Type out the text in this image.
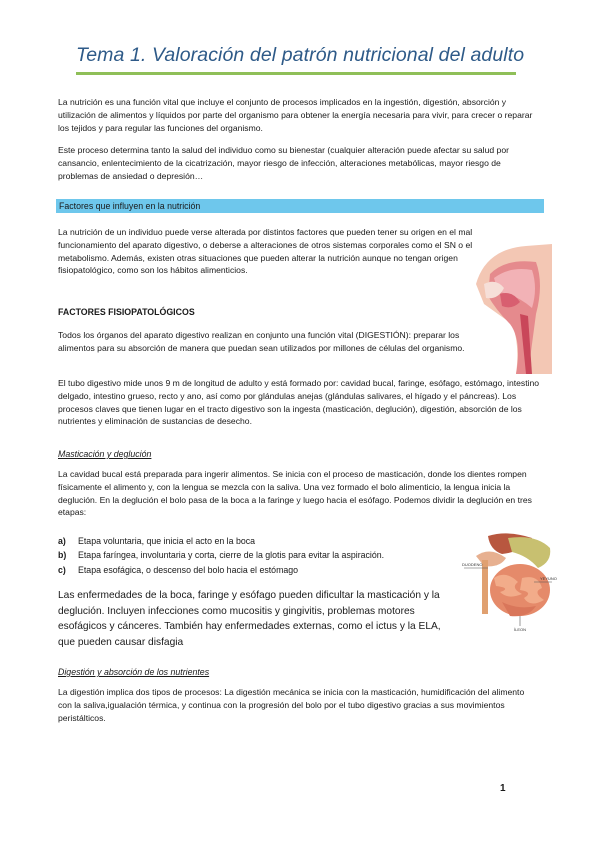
Tema 1. Valoración del patrón nutricional del adulto

La nutrición es una función vital que incluye el conjunto de procesos implicados en la ingestión, digestión, absorción y utilización de alimentos y líquidos por parte del organismo para obtener la energía necesaria para vivir, para crecer o reparar los tejidos y para regular las funciones del organismo.

Este proceso determina tanto la salud del individuo como su bienestar (cualquier alteración puede afectar su salud por cansancio, enlentecimiento de la cicatrización, mayor riesgo de infección, alteraciones metabólicas, mayor riesgo de problemas de ansiedad o depresión…

Factores que influyen en la nutrición

La nutrición de un individuo puede verse alterada por distintos factores que pueden tener su origen en el mal funcionamiento del aparato digestivo, o deberse a alteraciones de otros sistemas corporales como el SN o el metabolismo. Además, existen otras situaciones que pueden alterar la nutrición aunque no tengan origen fisiopatológico, como son los hábitos alimenticios.

FACTORES FISIOPATOLÓGICOS

Todos los órganos del aparato digestivo realizan en conjunto una función vital (DIGESTIÓN): preparar los alimentos para su absorción de manera que puedan sean utilizados por millones de células del organismo.

El tubo digestivo mide unos 9 m de longitud de adulto y está formado por: cavidad bucal, faringe, esófago, estómago, intestino delgado, intestino grueso, recto y ano, así como por glándulas anejas (glándulas salivares, el hígado y el páncreas). Los procesos claves que tienen lugar en el tracto digestivo son la ingesta (masticación, deglución), digestión, absorción de los nutrientes y eliminación de sustancias de desecho.

Masticación y deglución

La cavidad bucal está preparada para ingerir alimentos. Se inicia con el proceso de masticación, donde los dientes rompen físicamente el alimento y, con la lengua se mezcla con la saliva. Una vez formado el bolo alimenticio, la lengua inicia la deglución. En la deglución el bolo pasa de la boca a la faringe y luego hacia el esófago. Podemos dividir la deglución en tres etapas:

a) Etapa voluntaria, que inicia el acto en la boca
b) Etapa faríngea, involuntaria y corta, cierre de la glotis para evitar la aspiración.
c) Etapa esofágica, o descenso del bolo hacia el estómago
DUODENO
YEYUNO
ÍLEON

Las enfermedades de la boca, faringe y esófago pueden dificultar la masticación y la deglución. Incluyen infecciones como mucositis y gingivitis, problemas motores esofágicos y cánceres. También hay enfermedades externas, como el ictus y la ELA, que pueden causar disfagia

Digestión y absorción de los nutrientes

La digestión implica dos tipos de procesos: La digestión mecánica se inicia con la masticación, humidificación del alimento con la saliva,igualación térmica, y continua con la progresión del bolo por el tubo digestivo gracias a sus movimientos peristálticos.

1
